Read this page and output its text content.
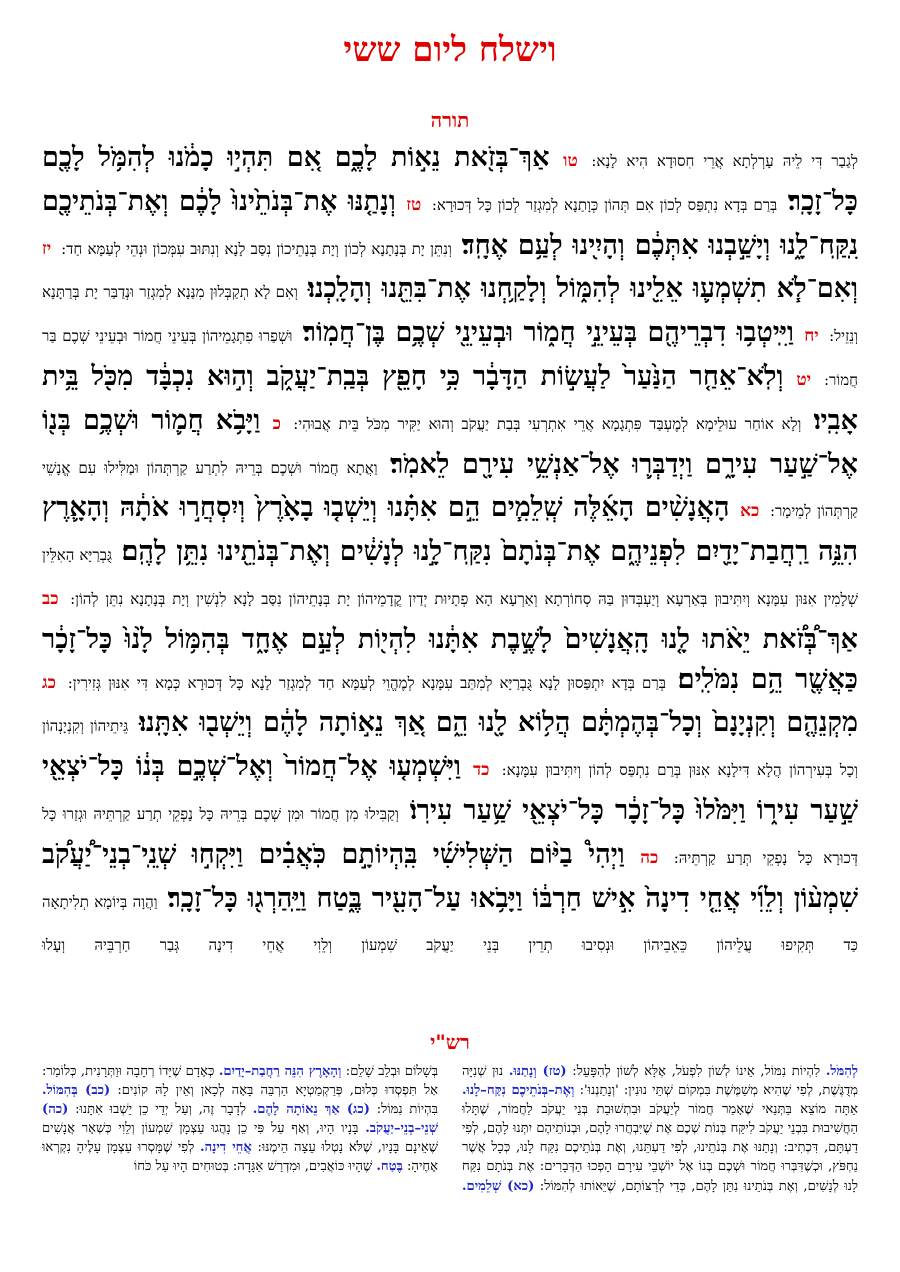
וישלח ליום ששי
תורה
לְגַבַר דִּי לֵיהּ עָרְלְתָא אֲרֵי חִסוּדָא הִיא לָנָא: טו אַךְ־בְּזֹ֖את נֵא֣וֹת לָכֶ֑ם אִ֚ם תִּהְי֣וּ כָמֹ֔נוּ לְהִמֹּ֥ל לָכֶ֖ם כָּל־זָכָֽר׃ בְּרַם בְּדָא נִתְפַּס לְכוֹן אִם תְּהוֹן כְּוָתַנָא לְמִגְזַר לְכוֹן כָּל דְּכוּרָא: טז וְנָתַ֤נּוּ אֶת־בְּנֹתֵ֙ינוּ֙ לָכֶ֔ם וְאֶת־בְּנֹתֵיכֶ֖ם נִֽקַּֽח־לָ֑נוּ וְיָשַׁ֣בְנוּ אִתְּכֶ֔ם וְהָיִ֖ינוּ לְעַ֥ם אֶחָֽד׃ וְנִתֵּן יָת בְּנָתָנָא לְכוֹן וְיָת בְּנָתֵיכוֹן נִסַּב לָנָא וְנִתּוּב עִמְּכוֹן וּנְהֵי לְעַמָּא חַד: יז וְאִם־לֹ֧א תִשְׁמְע֛וּ אֵלֵ֖ינוּ לְהִמּ֑וֹל וְלָקַ֥חְנוּ אֶת־בִּתֵּ֖נוּ וְהָלָֽכְנוּ׃ וְאִם לָא תְקַבְּלוּן מִנַּנָא לְמִגְזַר וּנְדַבַּר יָת בְּרַתָּנָא וְנֵזֵיל: יח וַיִּֽיטְב֥וּ דִבְרֵיהֶ֖ם בְּעֵינֵ֣י חֲמ֑וֹר וּבְעֵינֵ֖י שְׁכֶ֥ם בֶּן־חֲמֽוֹר׃ וּשְׁפַרוּ פִתְגָמֵיהוֹן בְּעֵינֵי חֲמוֹר וּבְעֵינֵי שְׁכֶם בַּר חֲמוֹר: יט וְלֹֽא־אֵחַ֤ר הַנַּ֙עַר֙ לַעֲשׂ֣וֹת הַדָּבָ֔ר כִּ֥י חָפֵ֖ץ בְּבַֽת־יַעֲקֹ֑ב וְה֣וּא נִכְבָּ֔ד מִכֹּ֖ל בֵּ֥ית אָבִֽיו׃ וְלָא אוֹחַר עוּלֵימָא לְמֶעְבַּד פִּתְגָמָא אֲרֵי אִתְרְעִי בְּבַת יַעֲקֹב וְהוּא יַקִּיר מִכֹּל בֵּית אֲבוּהִי: כ וַיָּבֹ֥א חֲמ֛וֹר וּשְׁכֶ֥ם בְּנ֖וֹ אֶל־שַׁ֣עַר עִירָ֑ם וַיְדַבְּר֛וּ אֶל־אַנְשֵׁ֥י עִירָ֖ם לֵאמֹֽר׃ וַאֲתָא חֲמוֹר וּשְׁכֶם בְּרֵיהּ לִתְרַע קַרְתְּהוֹן וּמַלִּילוּ עִם אֱנָשֵׁי קַרְתְּהוֹן לְמֵימָר: כא הָאֲנָשִׁ֨ים הָאֵ֜לֶּה שְֽׁלֵמִ֧ים הֵ֣ם אִתָּ֗נוּ וְיֵשְׁב֤וּ בָאָ֙רֶץ֙ וְיִסְחֲר֣וּ אֹתָ֔הּ וְהָאָ֛רֶץ הִנֵּ֥ה רַֽחֲבַת־יָדַ֖יִם לִפְנֵיהֶ֑ם אֶת־בְּנֹתָם֙ נִקַּֽח־לָ֣נוּ לְנָשִׁ֔ים וְאֶת־בְּנֹתֵ֖ינוּ נִתֵּ֥ן לָהֶֽם׃ גֻּבְרַיָּא הָאִלֵּין שְׁלָמִין אִנּוּן עִמָּנָא וְיִתִּיבוּן בְּאַרְעָא וְיַעְבְּדוּן בַּהּ סְחוֹרְתָא וְאַרְעָא הָא פְתָיוּת יְדַיִן קֳדָמֵיהוֹן יָת בְּנָתֵיהוֹן נִסַּב לָנָא לִנְשִׁין וְיָת בְּנָתָנָא נִתֵּן לְהוֹן: כב אַךְ־בְּ֠זֹ֠את יֵאֹ֨תוּ לָ֤נוּ הָֽאֲנָשִׁים֙ לָשֶׁ֣בֶת אִתָּ֔נוּ לִהְי֖וֹת לְעַ֣ם אֶחָ֑ד בְּהִמּ֥וֹל לָ֙נוּ֙ כָּל־זָכָ֔ר כַּאֲשֶׁ֖ר הֵ֥ם נִמֹּלִֽים׃ בְּרַם בְּדָא יִתְפַּסוּן לָנָא גֻּבְרַיָּא לְמִתַּב עִמָּנָא לְמֶהֱוֵי לְעַמָּא חַד לְמִגְזַר לָנָא כָּל דְּכוּרָא כְּמָא דִּי אִנּוּן גְּזִירִין: כג מִקְנֵהֶ֤ם וְקִנְיָנָם֙ וְכָל־בְּהֶמְתָּ֔ם הֲל֥וֹא לָ֖נוּ הֵ֑ם אַ֚ךְ נֵא֣וֹתָה לָהֶ֔ם וְיֵשְׁב֖וּ אִתָּֽנוּ׃ גֵּיתֵיהוֹן וְקִנְיָנְהוֹן וְכָל בְּעִירְהוֹן הֲלָא דִּילָנָא אִנּוּן בְּרַם נִתְפַּס לְהוֹן וְיִתִּיבוּן עִמָּנָא: כד וַיִּשְׁמְע֤וּ אֶל־חֲמוֹר֙ וְאֶל־שְׁכֶ֣ם בְּנ֔וֹ כָּל־יֹצְאֵ֖י שַׁ֣עַר עִיר֑וֹ וַיִּמֹּ֙לוּ֙ כָּל־זָכָ֔ר כָּל־יֹצְאֵ֖י שַׁ֥עַר עִירֽוֹ׃ וְקַבִּילוּ מִן חֲמוֹר וּמִן שְׁכֶם בְּרֵיהּ כָּל נָפְקֵי תְרַע קַרְתֵּיהּ וּגְזַרוּ כָּל דְּכוּרָא כָּל נָפְקֵי תְּרַע קַרְתֵּיהּ: כה וַיְהִי֩ בַיּ֨וֹם הַשְּׁלִישִׁ֜י בִּֽהְיוֹתָ֣ם כֹּֽאֲבִ֗ים וַיִּקְח֣וּ שְׁנֵֽי־בְנֵי־יַ֠עֲקֹ֠ב שִׁמְע֨וֹן וְלֵוִ֜י אֲחֵ֤י דִינָה֙ אִ֣ישׁ חַרְבּ֔וֹ וַיָּבֹ֥אוּ עַל־הָעִ֖יר בֶּ֑טַח וַיַּֽהַרְג֖וּ כָּל־זָכָֽר׃ וַהֲוָה בְּיוֹמָא תְלִיתָאָה כַּד תְּקִיפוּ עֲלֵיהוֹן כֵּאֵבֵיהוֹן וּנְסִיבוּ תְרֵין בְּנֵי יַעֲקֹב שִׁמְעוֹן וְלֵוִי אֲחֵי דִינָה גְּבַר חַרְבֵּיהּ וְעָלוּ
רש"י
לְהִמֹּל. לִהְיוֹת נִמּוֹל, אֵינוֹ לְשׁוֹן לִפְעֹל, אֶלָּא לְשׁוֹן לְהִפָּעֵל: (טז) וְנָתַנּוּ. נוּן שְׁנִיָּה מְדֻגֶּשֶׁת, לְפִי שֶׁהִיא מְשַׁמֶּשֶׁת בִּמְקוֹם שְׁתֵּי נוּנִין: 'וְנָתַנְנוּ': וְאֶת–בְּנֹתֵיכֶם נִקַּח–לָנוּ. אַתָּה מוֹצֵא בַּתְּנַאי שֶׁאָמַר חֲמוֹר לְיַעֲקֹב וּבִתְשׁוּבַת בְּנֵי יַעֲקֹב לַחֲמוֹר, שֶׁתָּלוּ הַחֲשִׁיבוּת בִּבְנֵי יַעֲקֹב לִיקַּח בְּנוֹת שְׁכֶם אֶת שֶׁיִּבְחֲרוּ לָהֶם, וּבְנוֹתֵיהֶם יִתְּנוּ לָהֶם, לְפִי דַעְתָּם, דִּכְתִיב: וְנָתַנּוּ אֶת בְּנֹתֵינוּ, לְפִי דַעְתֵּנוּ, וְאֶת בְּנֹתֵיכֶם נִקַּח לָנוּ, כְּכָל אֲשֶׁר נַחְפֹּץ, וּכְשֶׁדִּבְּרוּ חֲמוֹר וּשְׁכֶם בְּנוֹ אֶל יוֹשְׁבֵי עִירָם הָפְכוּ הַדְּבָרִים: אֶת בְּנֹתָם נִקַּח לָנוּ לְנָשִׁים, וְאֶת בְּנֹתֵינוּ נִתֵּן לָהֶם, כְּדֵי לְרַצּוֹתָם, שֶׁיֵּאוֹתוּ לְהִמּוֹל: (כא) שְׁלֵמִים. בְּשָׁלוֹם וּבְלֵב שָׁלֵם: וְהָאָרֶץ הִנֵּה רַחֲבַת–יָדַיִם. כְּאָדָם שֶׁיָּדוֹ רְחָבָה וּוַתְּרָנִית, כְּלוֹמַר: אַל תִּפְסְדוּ כְּלוּם, פְּרַקְמַטְיָא הַרְבֵּה בָּאָה לְכָאן וְאֵין לָהּ קוֹנִים: (כב) בְּהִמּוֹל. בִּהְיוֹת נִמּוֹל: (כג) אַךְ נֵאוֹתָה לָהֶם. לְדָבָר זֶה, וְעַל יְדֵי כֵן יֵשְׁבוּ אִתָּנוּ: (כה) שְׁנֵי–בְנֵי–יַעֲקֹב. בָּנָיו הָיוּ, וְאַף עַל פִּי כֵן נָהֲגוּ עַצְמָן שִׁמְעוֹן וְלֵוִי כְּשְׁאָר אֲנָשִׁים שֶׁאֵינָם בָּנָיו, שֶׁלֹּא נָטְלוּ עֵצָה הֵימֶנּוּ: אֲחֵי דִינָה. לְפִי שֶׁמָּסְרוּ עַצְמָן עָלֶיהָ נִקְרְאוּ אָחֶיהָ: בֶּטַח. שֶׁהָיוּ כּוֹאֲבִים, וּמִדְרַשׁ אַגָּדָה: בְּטוּחִים הָיוּ עַל כֹּחוֹ
